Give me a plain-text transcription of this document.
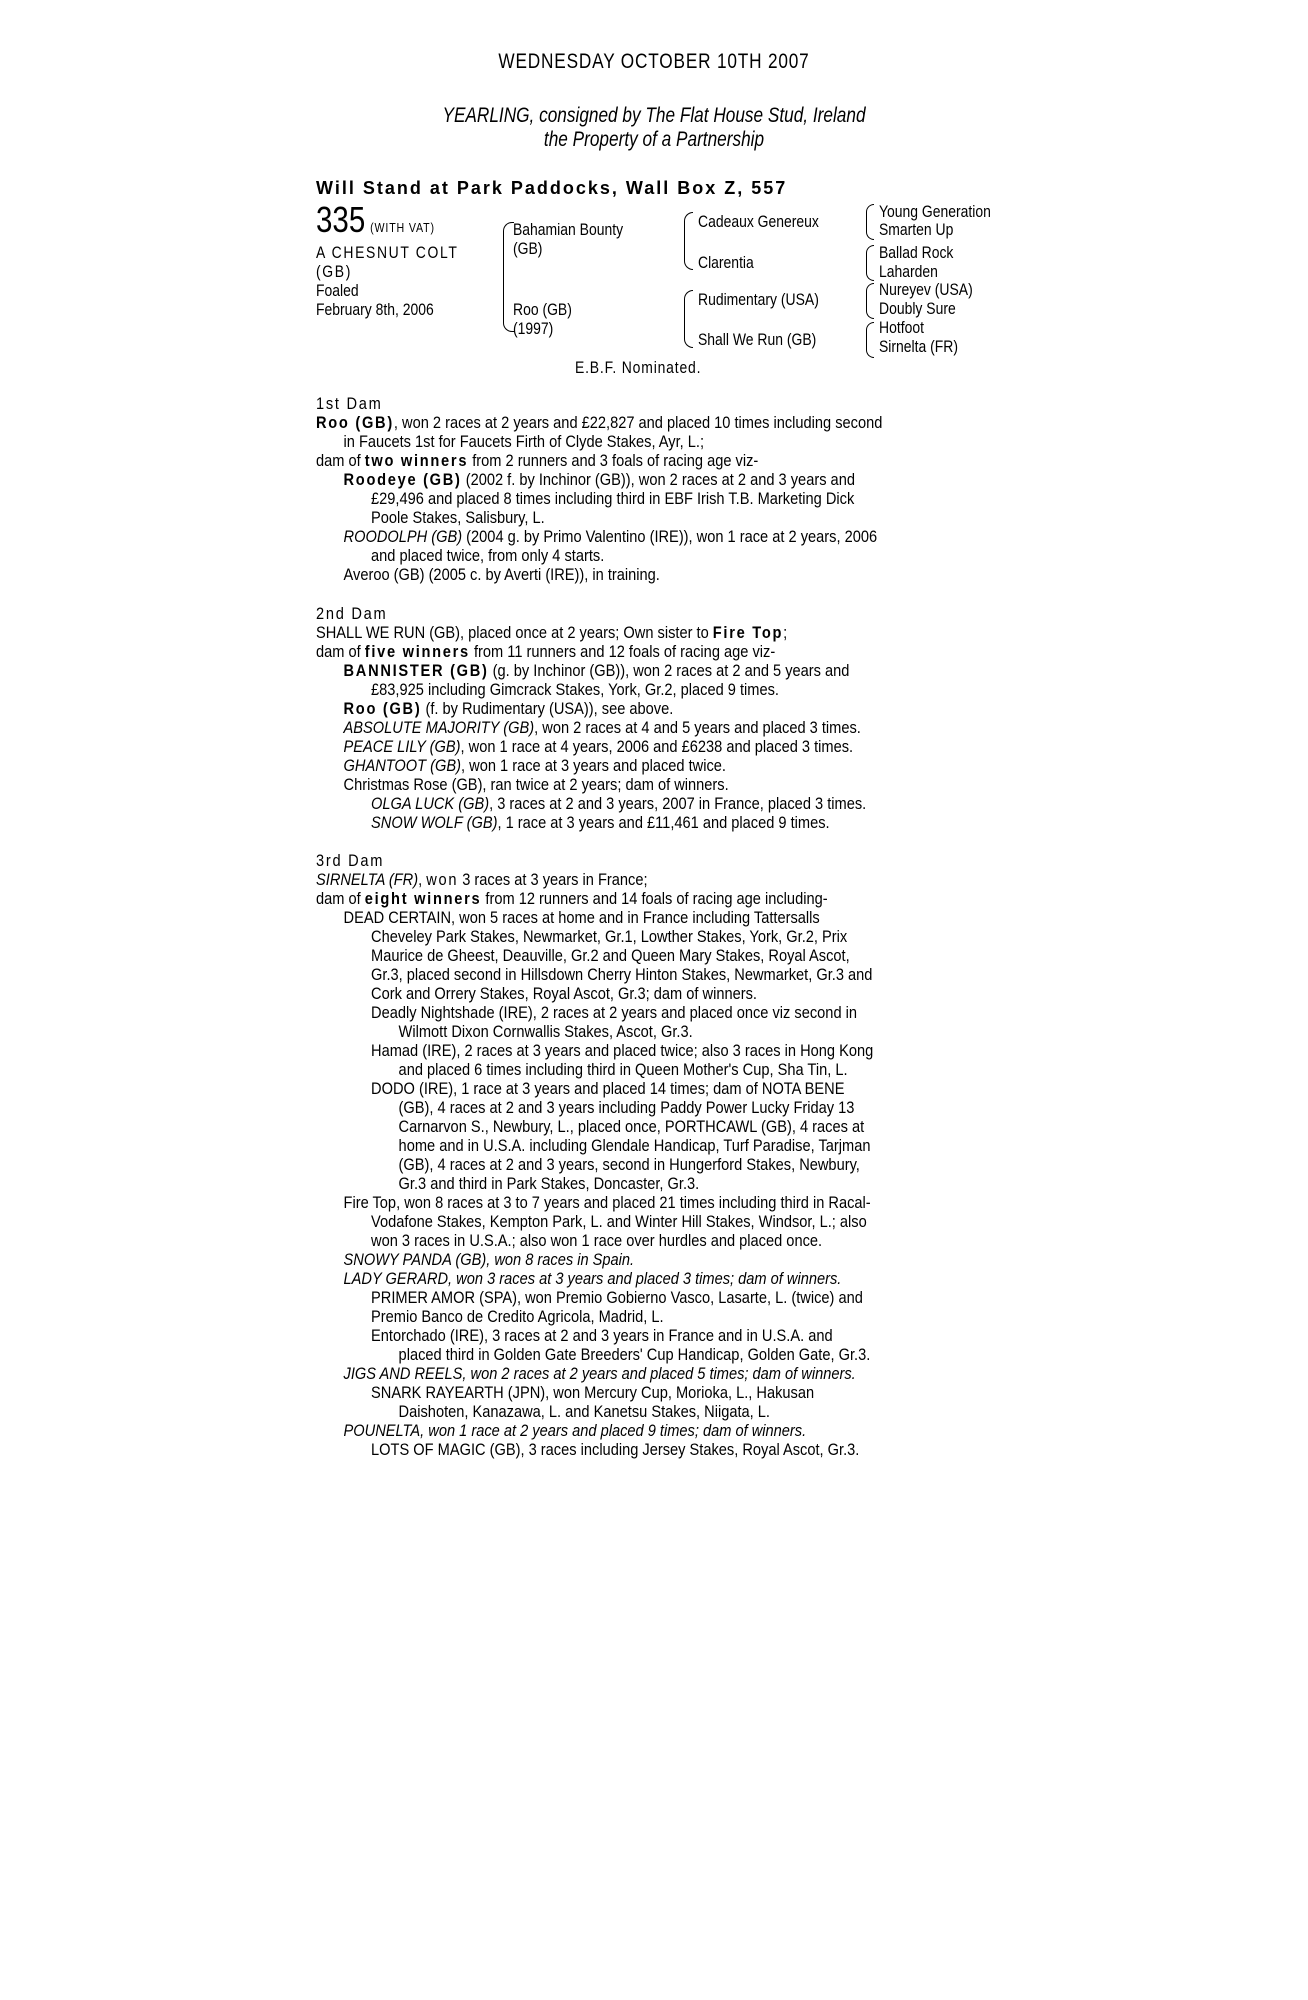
WEDNESDAY OCTOBER 10TH 2007
YEARLING, consigned by The Flat House Stud, Ireland
the Property of a Partnership
Will Stand at Park Paddocks, Wall Box Z, 557
335 (WITH VAT)
A CHESNUT COLT
(GB)
Foaled
February 8th, 2006
Bahamian Bounty
(GB)
Roo (GB)
(1997)
Cadeaux Genereux
Clarentia
Rudimentary (USA)
Shall We Run (GB)
Young Generation
Smarten Up
Ballad Rock
Laharden
Nureyev (USA)
Doubly Sure
Hotfoot
Sirnelta (FR)
E.B.F. Nominated.

1st Dam

Roo (GB), won 2 races at 2 years and £22,827 and placed 10 times including second

in Faucets 1st for Faucets Firth of Clyde Stakes, Ayr, L.;

dam of two winners from 2 runners and 3 foals of racing age viz-

Roodeye (GB) (2002 f. by Inchinor (GB)), won 2 races at 2 and 3 years and

£29,496 and placed 8 times including third in EBF Irish T.B. Marketing Dick

Poole Stakes, Salisbury, L.

ROODOLPH (GB) (2004 g. by Primo Valentino (IRE)), won 1 race at 2 years, 2006

and placed twice, from only 4 starts.

Averoo (GB) (2005 c. by Averti (IRE)), in training.

2nd Dam

SHALL WE RUN (GB), placed once at 2 years; Own sister to Fire Top;

dam of five winners from 11 runners and 12 foals of racing age viz-

BANNISTER (GB) (g. by Inchinor (GB)), won 2 races at 2 and 5 years and

£83,925 including Gimcrack Stakes, York, Gr.2, placed 9 times.

Roo (GB) (f. by Rudimentary (USA)), see above.

ABSOLUTE MAJORITY (GB), won 2 races at 4 and 5 years and placed 3 times.

PEACE LILY (GB), won 1 race at 4 years, 2006 and £6238 and placed 3 times.

GHANTOOT (GB), won 1 race at 3 years and placed twice.

Christmas Rose (GB), ran twice at 2 years; dam of winners.

OLGA LUCK (GB), 3 races at 2 and 3 years, 2007 in France, placed 3 times.

SNOW WOLF (GB), 1 race at 3 years and £11,461 and placed 9 times.

3rd Dam

SIRNELTA (FR), won 3 races at 3 years in France;

dam of eight winners from 12 runners and 14 foals of racing age including-

DEAD CERTAIN, won 5 races at home and in France including Tattersalls

Cheveley Park Stakes, Newmarket, Gr.1, Lowther Stakes, York, Gr.2, Prix

Maurice de Gheest, Deauville, Gr.2 and Queen Mary Stakes, Royal Ascot,

Gr.3, placed second in Hillsdown Cherry Hinton Stakes, Newmarket, Gr.3 and

Cork and Orrery Stakes, Royal Ascot, Gr.3; dam of winners.

Deadly Nightshade (IRE), 2 races at 2 years and placed once viz second in

Wilmott Dixon Cornwallis Stakes, Ascot, Gr.3.

Hamad (IRE), 2 races at 3 years and placed twice; also 3 races in Hong Kong

and placed 6 times including third in Queen Mother's Cup, Sha Tin, L.

DODO (IRE), 1 race at 3 years and placed 14 times; dam of NOTA BENE

(GB), 4 races at 2 and 3 years including Paddy Power Lucky Friday 13

Carnarvon S., Newbury, L., placed once, PORTHCAWL (GB), 4 races at

home and in U.S.A. including Glendale Handicap, Turf Paradise, Tarjman

(GB), 4 races at 2 and 3 years, second in Hungerford Stakes, Newbury,

Gr.3 and third in Park Stakes, Doncaster, Gr.3.

Fire Top, won 8 races at 3 to 7 years and placed 21 times including third in Racal-

Vodafone Stakes, Kempton Park, L. and Winter Hill Stakes, Windsor, L.; also

won 3 races in U.S.A.; also won 1 race over hurdles and placed once.

SNOWY PANDA (GB), won 8 races in Spain.

LADY GERARD, won 3 races at 3 years and placed 3 times; dam of winners.

PRIMER AMOR (SPA), won Premio Gobierno Vasco, Lasarte, L. (twice) and

Premio Banco de Credito Agricola, Madrid, L.

Entorchado (IRE), 3 races at 2 and 3 years in France and in U.S.A. and

placed third in Golden Gate Breeders' Cup Handicap, Golden Gate, Gr.3.

JIGS AND REELS, won 2 races at 2 years and placed 5 times; dam of winners.

SNARK RAYEARTH (JPN), won Mercury Cup, Morioka, L., Hakusan

Daishoten, Kanazawa, L. and Kanetsu Stakes, Niigata, L.

POUNELTA, won 1 race at 2 years and placed 9 times; dam of winners.

LOTS OF MAGIC (GB), 3 races including Jersey Stakes, Royal Ascot, Gr.3.
